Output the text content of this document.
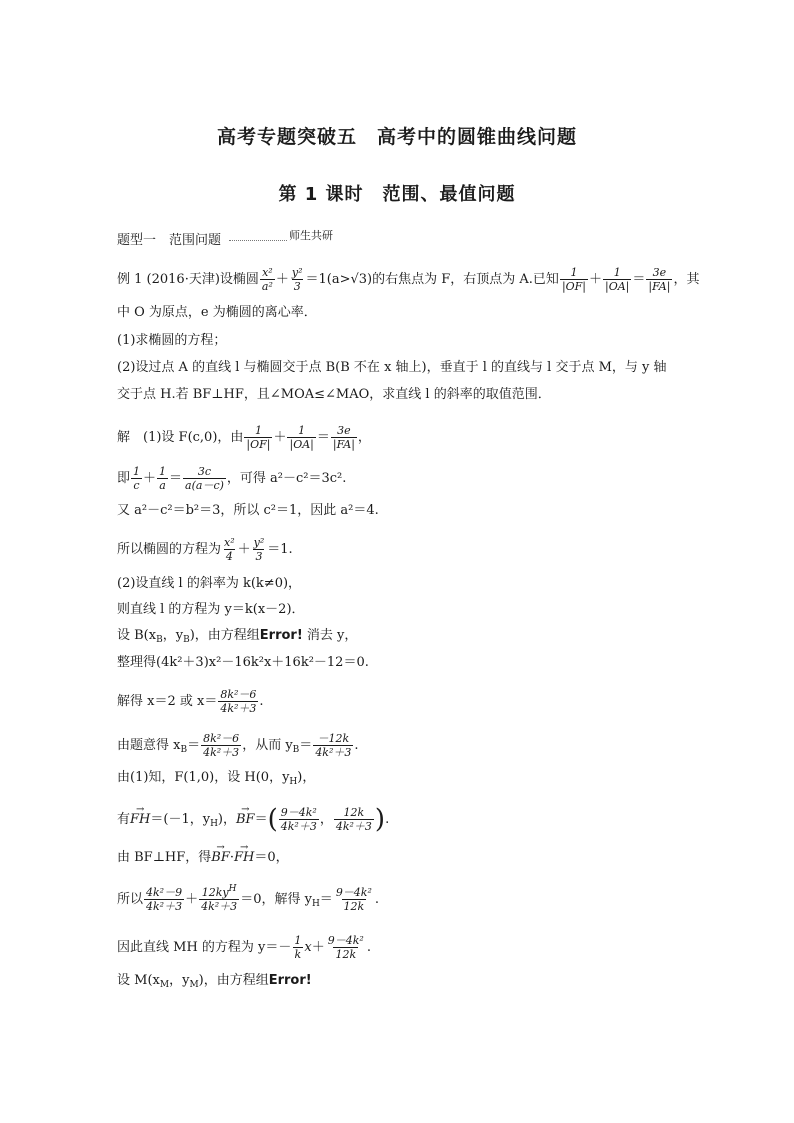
高考专题突破五　高考中的圆锥曲线问题
第 1 课时　范围、最值问题
题型一　范围问题	$^{师生共研}$
例 1 (2016·天津)设椭圆 $\frac{\text{x²}}{\text{a²}} + \frac{\text{y²}}{3} =1(a>√3)$的右焦点为 F，右顶点为 A.已知 $\frac{1}{|OF|} + \frac{1}{|OA|} = \frac{3e}{|FA|}$ ，其
中 O 为原点，e 为椭圆的离心率．
(1)求椭圆的方程；
(2)设过点 A 的直线 l 与椭圆交于点 B(B 不在 x 轴上)，垂直于 l 的直线与 l 交于点 M，与 y 轴
交于点 H.若 BF⊥HF，且∠MOA≤∠MAO，求直线 l 的斜率的取值范围．
解　(1)设 F(c,0)，由 $\frac{1}{|OF|} + \frac{1}{|OA|} = \frac{3e}{|FA|}$ ，
即 $\frac{1}{c} + \frac{1}{a} = \frac{3c}{a(a-c)}$ ，可得 a²－c²＝3c².
又 a²－c²＝b²＝3，所以 c²＝1，因此 a²＝4.
所以椭圆的方程为 $\frac{\text{x²}}{4} + \frac{\text{y²}}{3} =1$.
(2)设直线 l 的斜率为 k(k≠0)，
则直线 l 的方程为 y＝k(x－2)．
设 $B(x_B$，$y_B$)，由方程组Error! 消去 y，
整理得(4k²＋3)x²－16k²x＋16k²－12＝0.
解得 x＝2 或 $x= \frac{\text{8k²－6}}{\text{4k²＋3}}$ .
由题意得 $x_B= \frac{\text{8k²－6}}{\text{4k²＋3}}$ ，从而 $y_B= \frac{-12k}{\text{4k²＋3}}$ .
由(1)知，F(1,0)，设 H(0，$y_H$)，
有→ FH＝(－1，$y_H$)，→ $BF=( \frac{\text{9－4k²}}{\text{4k²＋3}}$ ， $\frac{12k}{\text{4k²＋3}}$ ).
由 BF⊥HF，得→ BF·→ FH＝0，
所以 $\frac{\text{4k²－9}}{\text{4k²＋3}} + \frac{12ky^H}{\text{4k²＋3}} =0$，解得 $y_H= \frac{\text{9－4k²}}{12k}$ .
因此直线 MH 的方程为 $y=- \frac{1}{k} x+ \frac{\text{9－4k²}}{12k}$ .
设 $M(x_M$，$y_M$)，由方程组Error!
